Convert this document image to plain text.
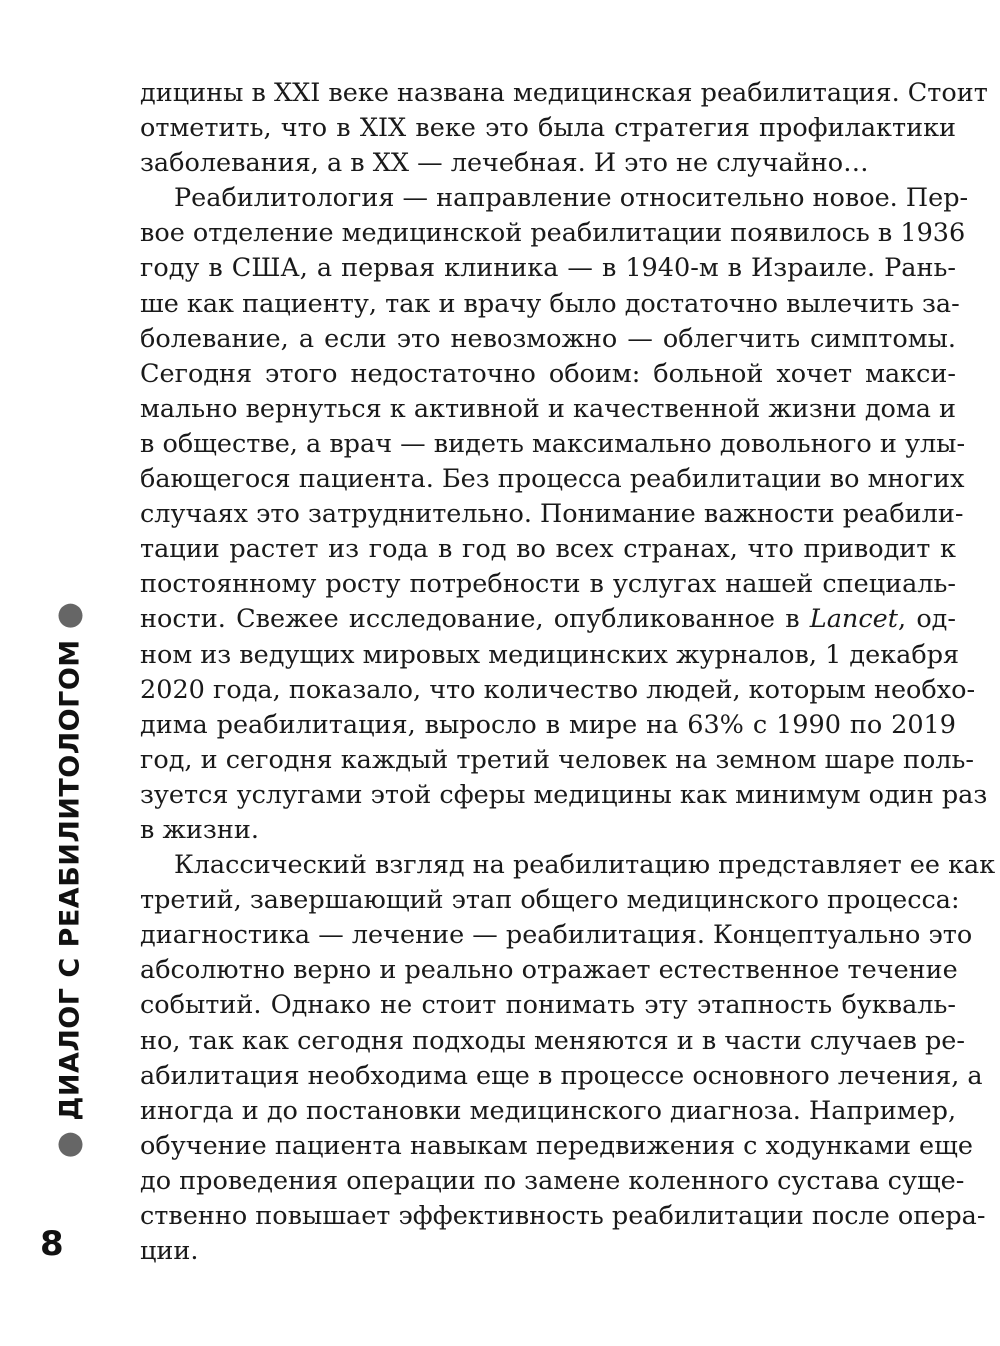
ДИАЛОГ С РЕАБИЛИТОЛОГОМ
8
дицины в XXI веке названа медицинская реабилитация. Стоит
отметить, что в XIX веке это была стратегия профилактики
заболевания, а в XX — лечебная. И это не случайно…
Реабилитология — направление относительно новое. Пер-
вое отделение медицинской реабилитации появилось в 1936
году в США, а первая клиника — в 1940-м в Израиле. Рань-
ше как пациенту, так и врачу было достаточно вылечить за-
болевание, а если это невозможно — облегчить симптомы.
Сегодня этого недостаточно обоим: больной хочет макси-
мально вернуться к активной и качественной жизни дома и
в обществе, а врач — видеть максимально довольного и улы-
бающегося пациента. Без процесса реабилитации во многих
случаях это затруднительно. Понимание важности реабили-
тации растет из года в год во всех странах, что приводит к
постоянному росту потребности в услугах нашей специаль-
ности. Свежее исследование, опубликованное в Lancet, од-
ном из ведущих мировых медицинских журналов, 1 декабря
2020 года, показало, что количество людей, которым необхо-
дима реабилитация, выросло в мире на 63% с 1990 по 2019
год, и сегодня каждый третий человек на земном шаре поль-
зуется услугами этой сферы медицины как минимум один раз
в жизни.
Классический взгляд на реабилитацию представляет ее как
третий, завершающий этап общего медицинского процесса:
диагностика — лечение — реабилитация. Концептуально это
абсолютно верно и реально отражает естественное течение
событий. Однако не стоит понимать эту этапность букваль-
но, так как сегодня подходы меняются и в части случаев ре-
абилитация необходима еще в процессе основного лечения, а
иногда и до постановки медицинского диагноза. Например,
обучение пациента навыкам передвижения с ходунками еще
до проведения операции по замене коленного сустава суще-
ственно повышает эффективность реабилитации после опера-
ции.
